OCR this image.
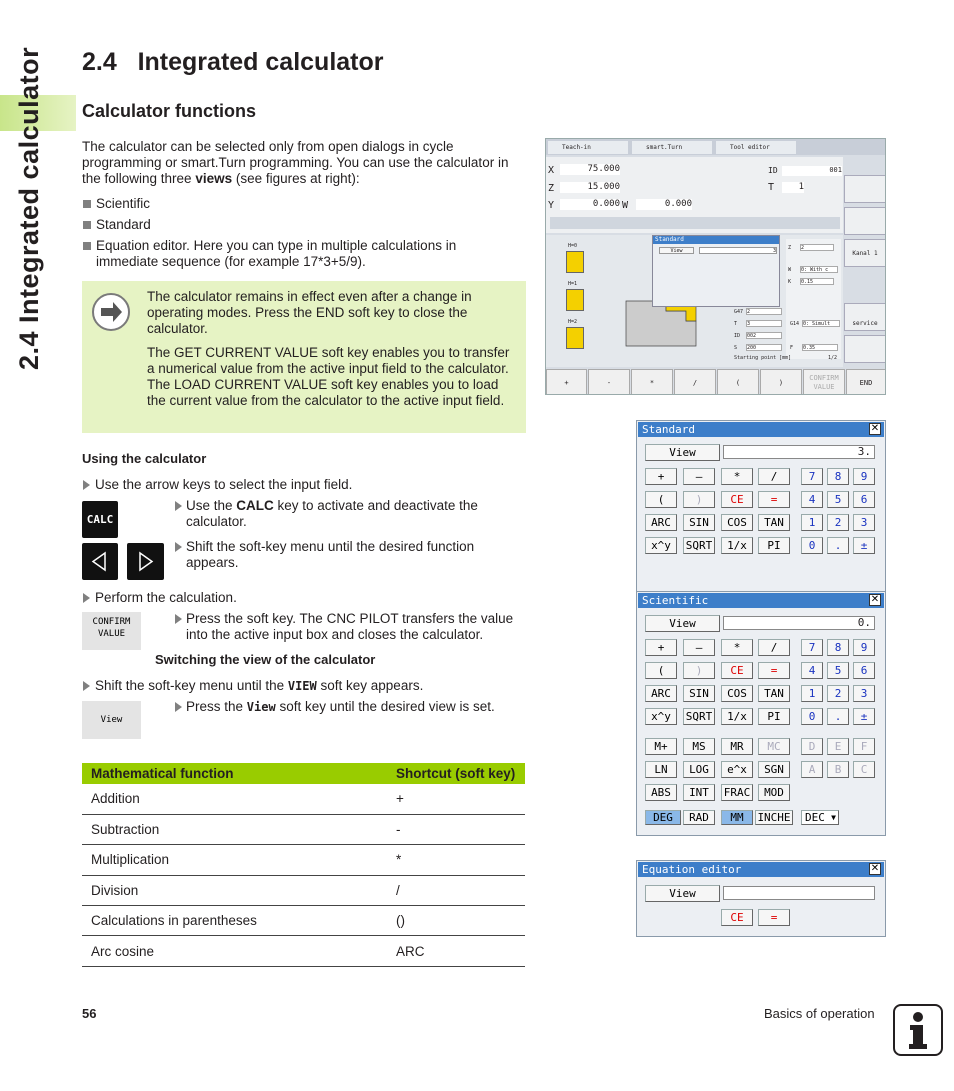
2.4 Integrated calculator	2.4   Integrated calculator
Calculator functions
The calculator can be selected only from open dialogs in cycle programming or smart.Turn programming. You can use the calculator in the following three views (see figures at right):
Scientific
Standard
Equation editor. Here you can type in multiple calculations in immediate sequence (for example 17*3+5/9).
The calculator remains in effect even after a change in operating modes. Press the END soft key to close the calculator.
The GET CURRENT VALUE soft key enables you to transfer a numerical value from the active input field to the calculator. The LOAD CURRENT VALUE soft key enables you to load the current value from the calculator to the active input field.
Using the calculator
Use the arrow keys to select the input field.
CALC
Use the CALC key to activate and deactivate the calculator.
Shift the soft-key menu until the desired function appears.
Perform the calculation.
CONFIRM
VALUE
Press the soft key. The CNC PILOT transfers the value into the active input box and closes the calculator.
Switching the view of the calculator
Shift the soft-key menu until the VIEW soft key appears.
View
Press the View soft key until the desired view is set.
Mathematical function	Shortcut (soft key)
Addition	+
Subtraction	-
Multiplication	*
Division	/
Calculations in parentheses	()
Arc cosine	ARC
56	Basics of operation
Teach-in	smart.Turn	Tool editor
X	75.000
Z	15.000
Y	0.000 W	0.000
ID	001
T	1
H=0
H=1
H=2
Standard
View	3 Z 2
W 0: With c
K 0.15
G47 2
T 3	G14 0: Simult
ID 002
S 200	F 0.35
Starting point [mm]	1/2
Kanal 1
service
+	-	*	/	(	)
CONFIRM VALUE	END
Standard	✕
View	3.
+	–	*	/	7	8	9
(	)	CE	=	4	5	6
ARC	SIN	COS	TAN	1	2	3
x^y	SQRT	1/x	PI	0	.	±
Scientific	✕
View	0.
+	–	*	/	7	8	9
(	)	CE	=	4	5	6
ARC	SIN	COS	TAN	1	2	3
x^y	SQRT	1/x	PI	0	.	±
M+	MS	MR	MC	D	E	F
LN	LOG	e^x	SGN	A	B	C
ABS	INT	FRAC	MOD
DEG	RAD	MM	INCHE	DEC ▼
Equation editor	✕
View
CE	=
